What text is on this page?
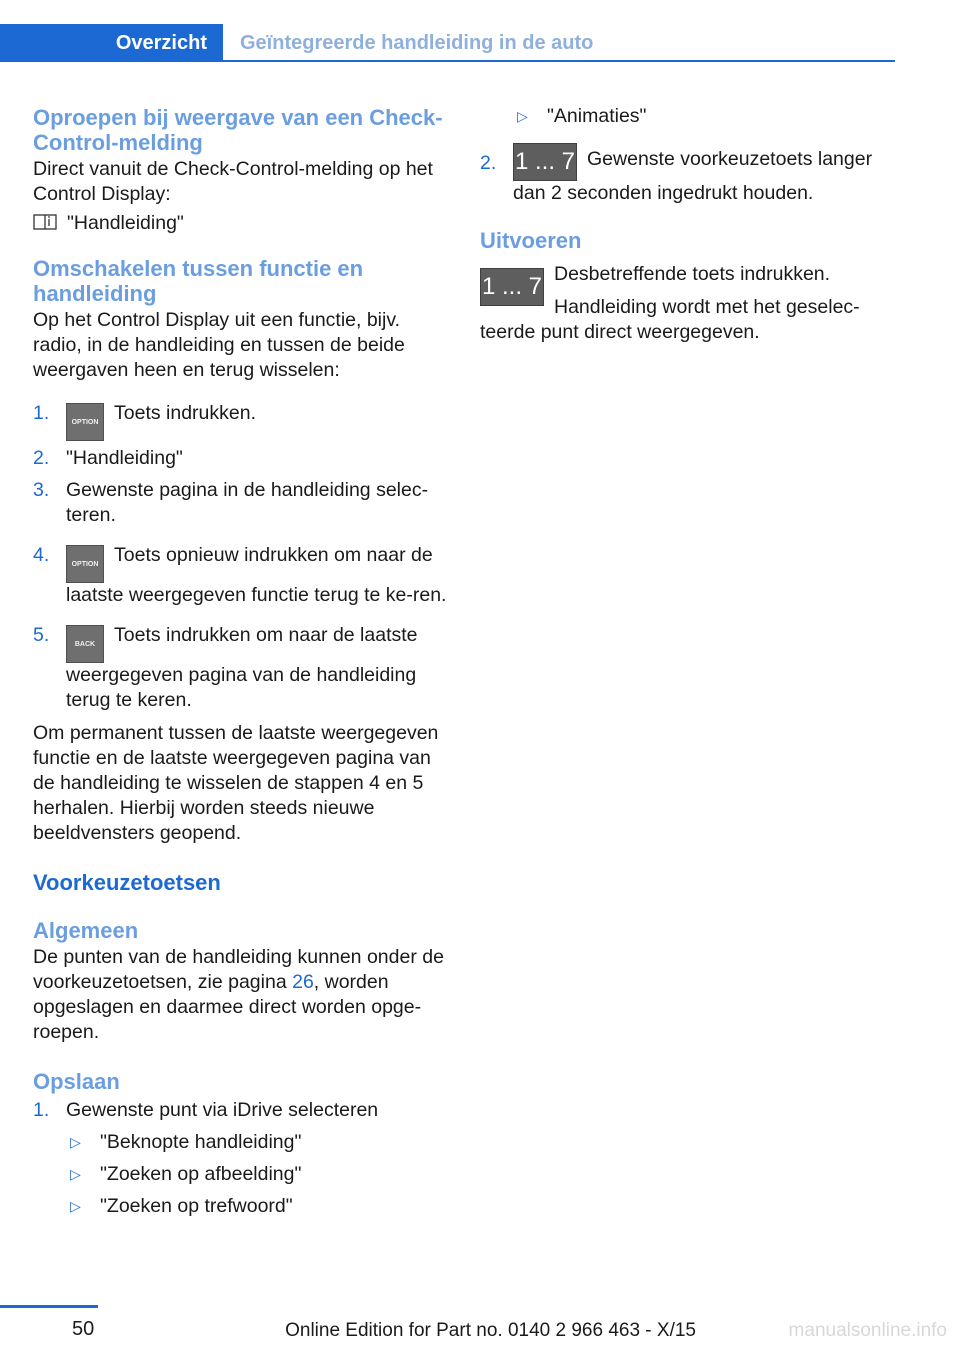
Overzicht Geïntegreerde handleiding in de auto
Oproepen bij weergave van een Check-Control-melding

Direct vanuit de Check-Control-melding op het Control Display:

"Handleiding"

Omschakelen tussen functie en handleiding

Op het Control Display uit een functie, bijv. radio, in de handleiding en tussen de beide weergaven heen en terug wisselen:

1.	OPTION Toets indrukken.
2. "Handleiding"
3. Gewenste pagina in de handleiding selec‐teren.
4.	OPTION Toets opnieuw indrukken om naar de laatste weergegeven functie terug te ke‐ren.
5.	BACK Toets indrukken om naar de laatste weergegeven pagina van de handleiding terug te keren.

Om permanent tussen de laatste weergegeven functie en de laatste weergegeven pagina van de handleiding te wisselen de stappen 4 en 5 herhalen. Hierbij worden steeds nieuwe beeldvensters geopend.

Voorkeuzetoetsen
Algemeen

De punten van de handleiding kunnen onder de voorkeuzetoetsen, zie pagina 26, worden opgeslagen en daarmee direct worden opge‐roepen.

Opslaan
1. Gewenste punt via iDrive selecteren
▷ "Beknopte handleiding"
▷ "Zoeken op afbeelding"
▷ "Zoeken op trefwoord"
▷ "Animaties"
2. 1 ... 7 Gewenste voorkeuzetoets langer dan 2 seconden ingedrukt houden.
Uitvoeren
1 ... 7 Desbetreffende toets indrukken.

Handleiding wordt met het geselec‐teerde punt direct weergegeven.

50	Online Edition for Part no. 0140 2 966 463 - X/15	manualsonline.info
